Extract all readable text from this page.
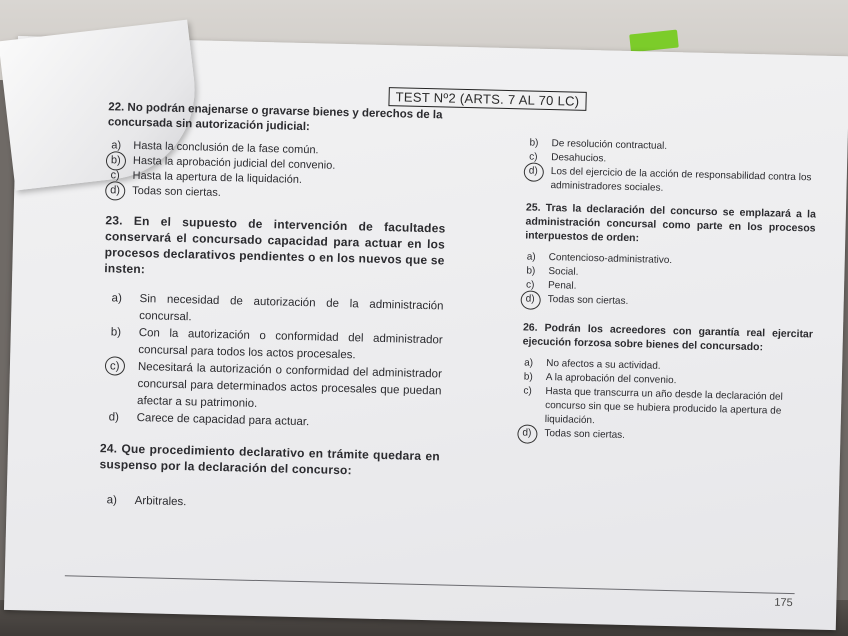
TEST Nº2 (ARTS. 7 AL 70 LC)
22. No podrán enajenarse o gravarse bienes y derechos de la concursada sin autorización judicial:
a) Hasta la conclusión de la fase común.
b) Hasta la aprobación judicial del convenio.
c) Hasta la apertura de la liquidación.
d) Todas son ciertas.
23. En el supuesto de intervención de facultades conservará el concursado capacidad para actuar en los procesos declarativos pendientes o en los nuevos que se insten:
a) Sin necesidad de autorización de la administración concursal.
b) Con la autorización o conformidad del administrador concursal para todos los actos procesales.
c) Necesitará la autorización o conformidad del administrador concursal para determinados actos procesales que puedan afectar a su patrimonio.
d) Carece de capacidad para actuar.
24. Que procedimiento declarativo en trámite quedara en suspenso por la declaración del concurso:
a) Arbitrales.
b) De resolución contractual.
c) Desahucios.
d) Los del ejercicio de la acción de responsabilidad contra los administradores sociales.
25. Tras la declaración del concurso se emplazará a la administración concursal como parte en los procesos interpuestos de orden:
a) Contencioso-administrativo.
b) Social.
c) Penal.
d) Todas son ciertas.
26. Podrán los acreedores con garantía real ejercitar ejecución forzosa sobre bienes del concursado:
a) No afectos a su actividad.
b) A la aprobación del convenio.
c) Hasta que transcurra un año desde la declaración del concurso sin que se hubiera producido la apertura de liquidación.
d) Todas son ciertas.
175
